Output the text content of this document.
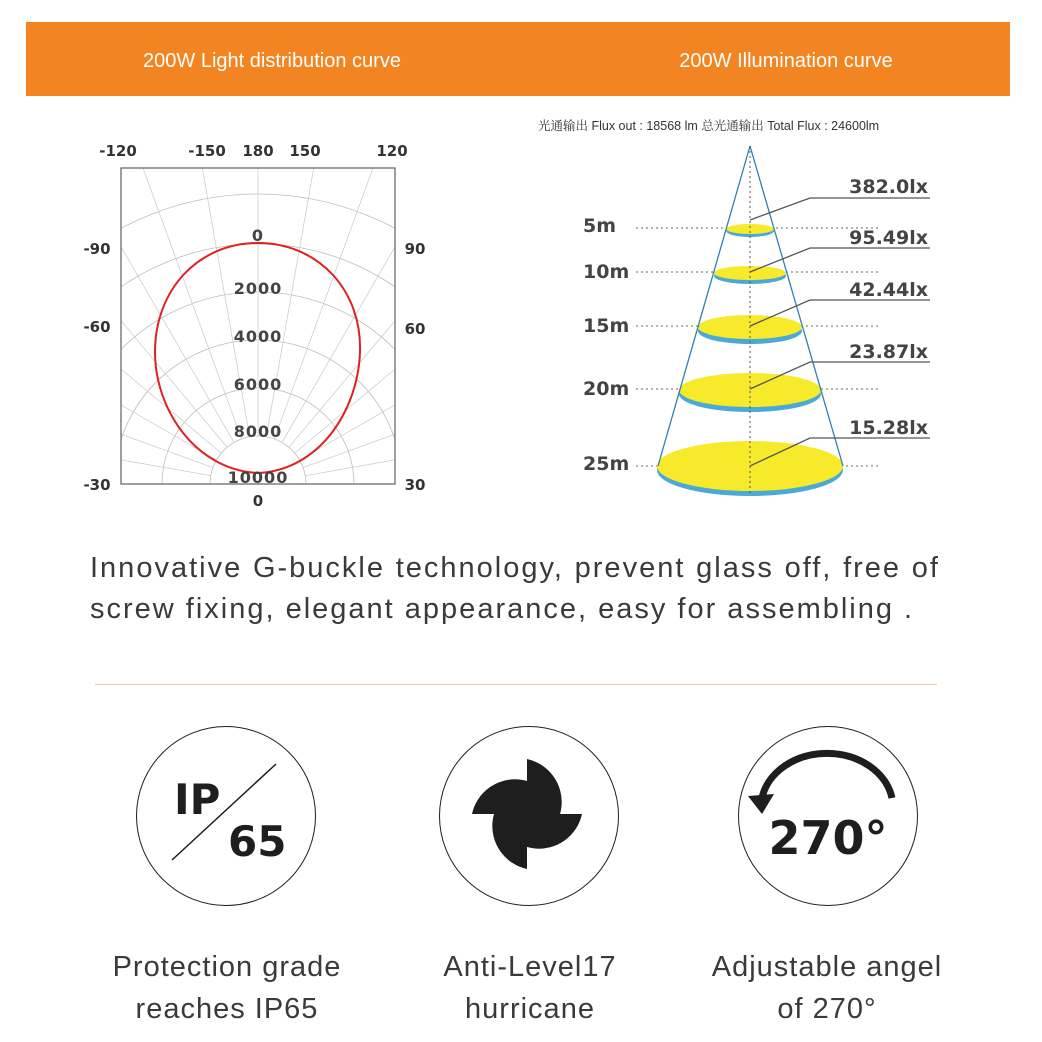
200W Light distribution curve	200W Illumination curve
-120	-150 180 150	120
-90
-60
-30
90
60
30
0
0
2000
4000
6000
8000
10000
光通输出 Flux out : 18568 lm 总光通输出 Total Flux : 24600lm
5m
10m
15m
20m
25m
382.0lx
95.49lx
42.44lx
23.87lx
15.28lx
Innovative G-buckle technology, prevent glass off, free of screw fixing, elegant appearance, easy for assembling .
IP
65
Protection grade
reaches IP65
Anti-Level17
hurricane
270°
Adjustable angel
of 270°
